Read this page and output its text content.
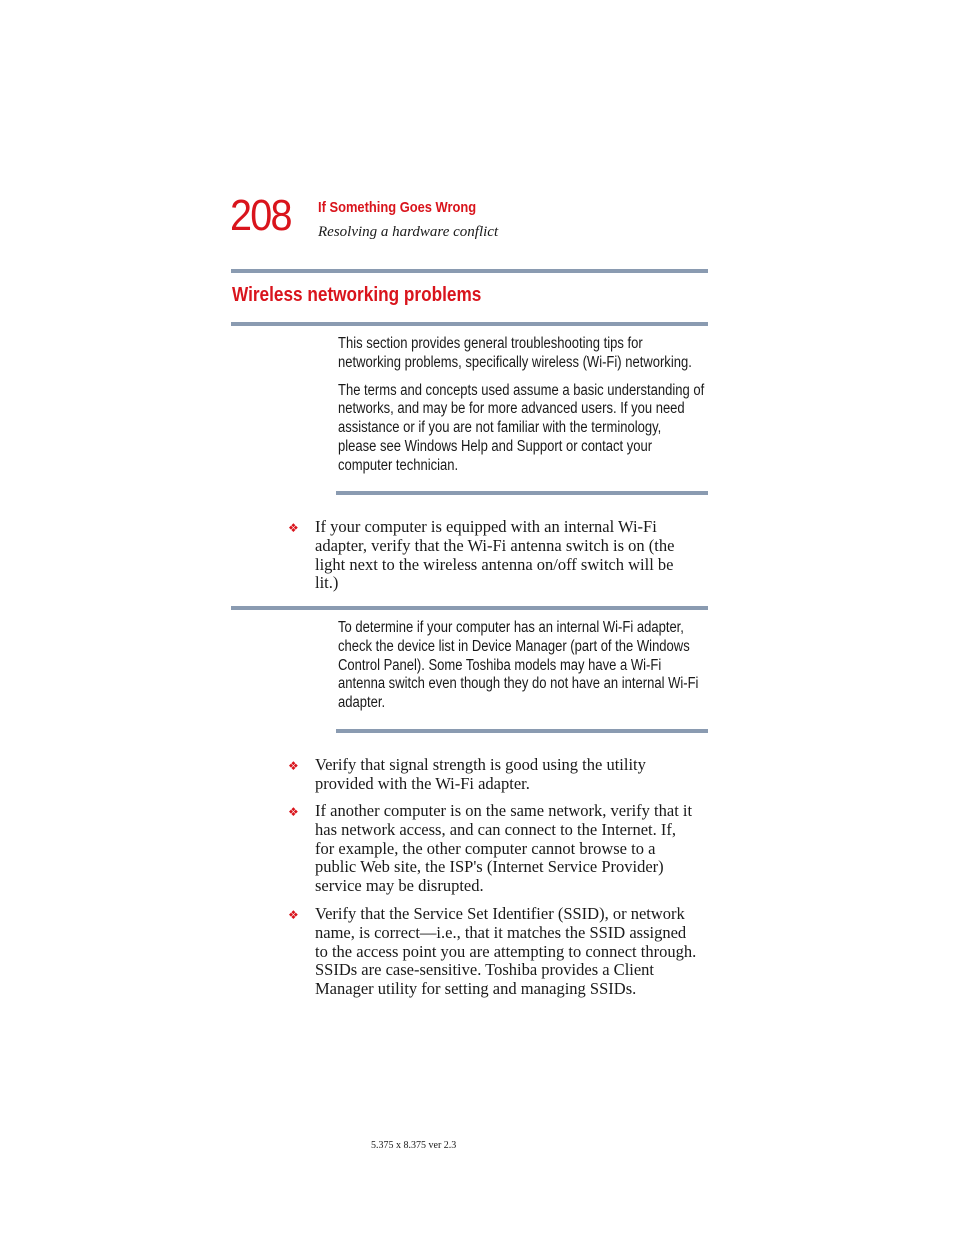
208 If Something Goes Wrong
Resolving a hardware conflict
Wireless networking problems

This section provides general troubleshooting tips for

networking problems, specifically wireless (Wi-Fi) networking.

The terms and concepts used assume a basic understanding of

networks, and may be for more advanced users. If you need

assistance or if you are not familiar with the terminology,

please see Windows Help and Support or contact your

computer technician.

❖ If your computer is equipped with an internal Wi-Fi
adapter, verify that the Wi-Fi antenna switch is on (the
light next to the wireless antenna on/off switch will be
lit.)

To determine if your computer has an internal Wi-Fi adapter,

check the device list in Device Manager (part of the Windows

Control Panel). Some Toshiba models may have a Wi-Fi

antenna switch even though they do not have an internal Wi-Fi

adapter.

❖ Verify that signal strength is good using the utility
provided with the Wi-Fi adapter.
❖ If another computer is on the same network, verify that it
has network access, and can connect to the Internet. If,
for example, the other computer cannot browse to a
public Web site, the ISP's (Internet Service Provider)
service may be disrupted.
❖ Verify that the Service Set Identifier (SSID), or network
name, is correct—i.e., that it matches the SSID assigned
to the access point you are attempting to connect through.
SSIDs are case-sensitive. Toshiba provides a Client
Manager utility for setting and managing SSIDs.
5.375 x 8.375 ver 2.3
